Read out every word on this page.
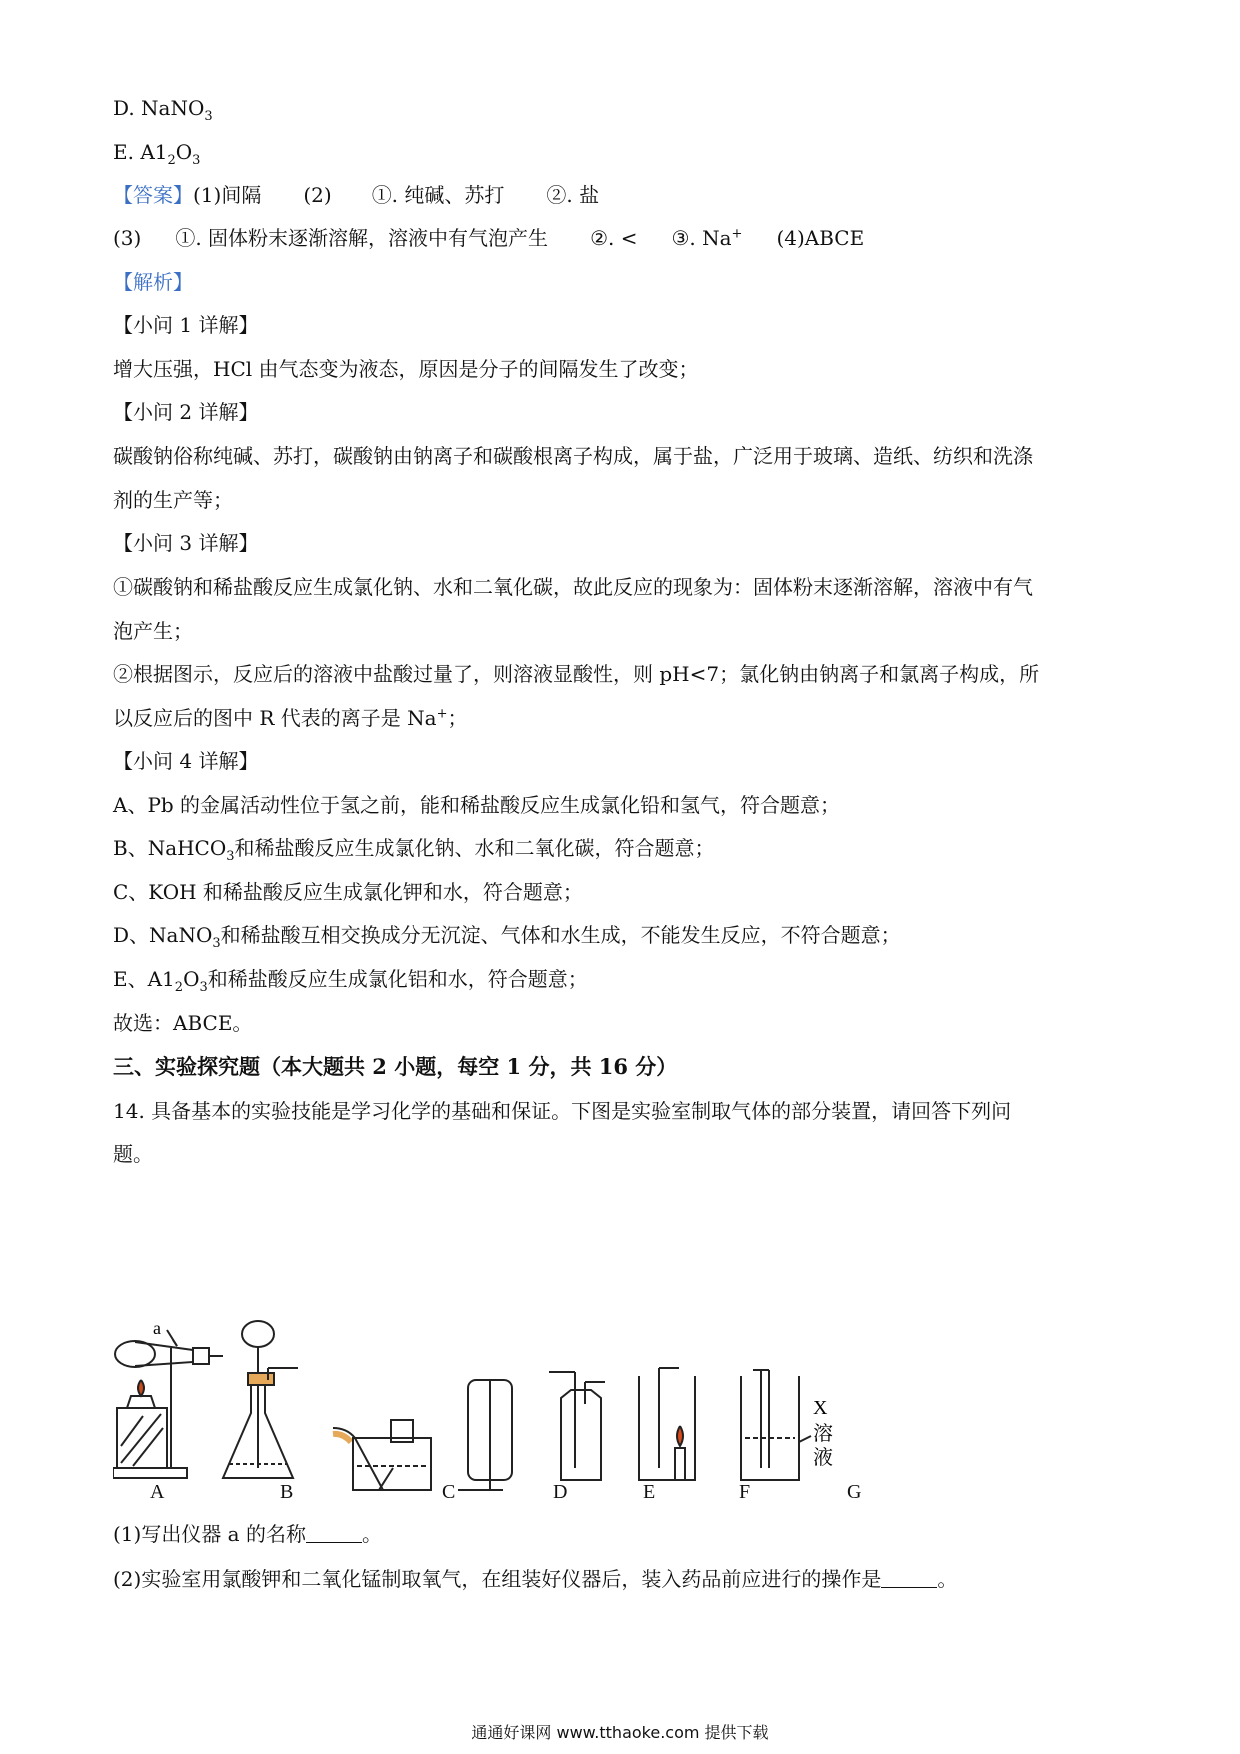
D. NaNO$_3$
E. $A1_2O_3$
【答案】(1)间隔 (2) ①. 纯碱、苏打 ②. 盐
(3) ①. 固体粉末逐渐溶解，溶液中有气泡产生 ②. < ③. Na+ (4)ABCE
【解析】
【小问 1 详解】
增大压强，HCl 由气态变为液态，原因是分子的间隔发生了改变；
【小问 2 详解】
碳酸钠俗称纯碱、苏打，碳酸钠由钠离子和碳酸根离子构成，属于盐，广泛用于玻璃、造纸、纺织和洗涤
剂的生产等；
【小问 3 详解】
①碳酸钠和稀盐酸反应生成氯化钠、水和二氧化碳，故此反应的现象为：固体粉末逐渐溶解，溶液中有气
泡产生；
②根据图示，反应后的溶液中盐酸过量了，则溶液显酸性，则 pH<7；氯化钠由钠离子和氯离子构成，所
以反应后的图中 R 代表的离子是 Na+；
【小问 4 详解】
A、Pb 的金属活动性位于氢之前，能和稀盐酸反应生成氯化铅和氢气，符合题意；
B、NaHCO$_3$和稀盐酸反应生成氯化钠、水和二氧化碳，符合题意；
C、KOH 和稀盐酸反应生成氯化钾和水，符合题意；
D、NaNO$_3$和稀盐酸互相交换成分无沉淀、气体和水生成，不能发生反应，不符合题意；
E、$A1_2O_3$和稀盐酸反应生成氯化铝和水，符合题意；
故选：ABCE。
三、实验探究题（本大题共 2 小题，每空 1 分，共 16 分）
14. 具备基本的实验技能是学习化学的基础和保证。下图是实验室制取气体的部分装置，请回答下列问
题。
a
X
溶
液
A	B	C	D	E	F	G
(1)写出仪器 a 的名称	。
(2)实验室用氯酸钾和二氧化锰制取氧气，在组装好仪器后，装入药品前应进行的操作是	。
通通好课网 www.tthaoke.com 提供下载
